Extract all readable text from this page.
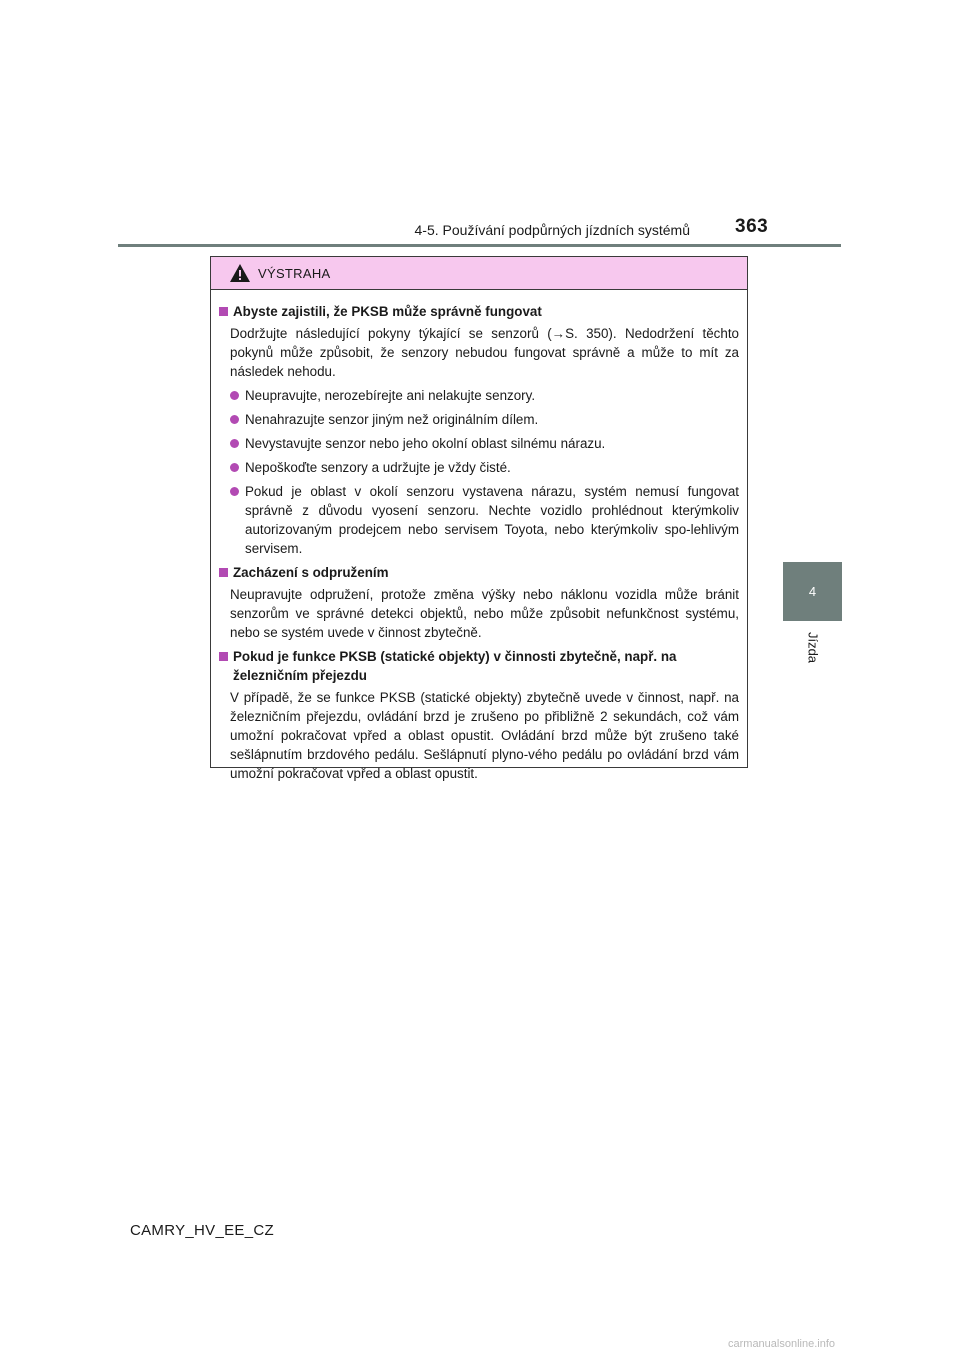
4-5. Používání podpůrných jízdních systémů 363
4
Jízda
VÝSTRAHA
Abyste zajistili, že PKSB může správně fungovat
Dodržujte následující pokyny týkající se senzorů (→S. 350). Nedodržení těchto pokynů může způsobit, že senzory nebudou fungovat správně a může to mít za následek nehodu.
Neupravujte, nerozebírejte ani nelakujte senzory.
Nenahrazujte senzor jiným než originálním dílem.
Nevystavujte senzor nebo jeho okolní oblast silnému nárazu.
Nepoškoďte senzory a udržujte je vždy čisté.
Pokud je oblast v okolí senzoru vystavena nárazu, systém nemusí fungovat správně z důvodu vyosení senzoru. Nechte vozidlo prohlédnout kterýmkoliv autorizovaným prodejcem nebo servisem Toyota, nebo kterýmkoliv spo-lehlivým servisem.
Zacházení s odpružením
Neupravujte odpružení, protože změna výšky nebo náklonu vozidla může bránit senzorům ve správné detekci objektů, nebo může způsobit nefunkčnost systému, nebo se systém uvede v činnost zbytečně.
Pokud je funkce PKSB (statické objekty) v činnosti zbytečně, např. na železničním přejezdu
V případě, že se funkce PKSB (statické objekty) zbytečně uvede v činnost, např. na železničním přejezdu, ovládání brzd je zrušeno po přibližně 2 sekundách, což vám umožní pokračovat vpřed a oblast opustit. Ovládání brzd může být zrušeno také sešlápnutím brzdového pedálu. Sešlápnutí plyno-vého pedálu po ovládání brzd vám umožní pokračovat vpřed a oblast opustit.
CAMRY_HV_EE_CZ
carmanualsonline.info
